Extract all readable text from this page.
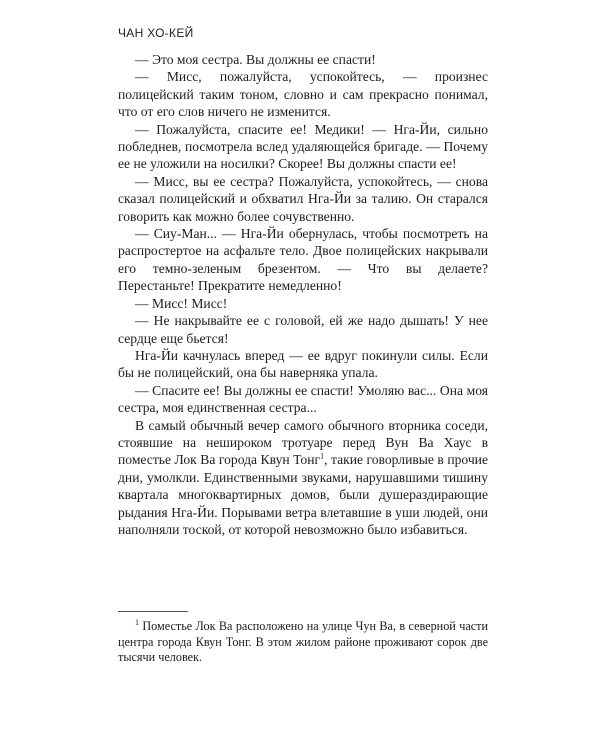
ЧАН ХО-КЕЙ

— Это моя сестра. Вы должны ее спасти!

— Мисс, пожалуйста, успокойтесь, — произнес полицейский таким тоном, словно и сам прекрасно понимал, что от его слов ничего не изменится.

— Пожалуйста, спасите ее! Медики! — Нга-Йи, сильно побледнев, посмотрела вслед удаляющейся бригаде. — Почему ее не уложили на носилки? Скорее! Вы должны спасти ее!

— Мисс, вы ее сестра? Пожалуйста, успокойтесь, — снова сказал полицейский и обхватил Нга-Йи за талию. Он старался говорить как можно более сочувственно.

— Сиу-Ман... — Нга-Йи обернулась, чтобы посмотреть на распростертое на асфальте тело. Двое полицейских накрывали его темно-зеленым брезентом. — Что вы делаете? Перестаньте! Прекратите немедленно!

— Мисс! Мисс!

— Не накрывайте ее с головой, ей же надо дышать! У нее сердце еще бьется!

Нга-Йи качнулась вперед — ее вдруг покинули силы. Если бы не полицейский, она бы наверняка упала.

— Спасите ее! Вы должны ее спасти! Умоляю вас... Она моя сестра, моя единственная сестра...

В самый обычный вечер самого обычного вторника соседи, стоявшие на нешироком тротуаре перед Вун Ва Хаус в поместье Лок Ва города Квун Тонг$^1$, такие говорливые в прочие дни, умолкли. Единственными звуками, нарушавшими тишину квартала многоквартирных домов, были душераздирающие рыдания Нга-Йи. Порывами ветра влетавшие в уши людей, они наполняли тоской, от которой невозможно было избавиться.

$^1$ Поместье Лок Ва расположено на улице Чун Ва, в северной части центра города Квун Тонг. В этом жилом районе проживают сорок две тысячи человек.
